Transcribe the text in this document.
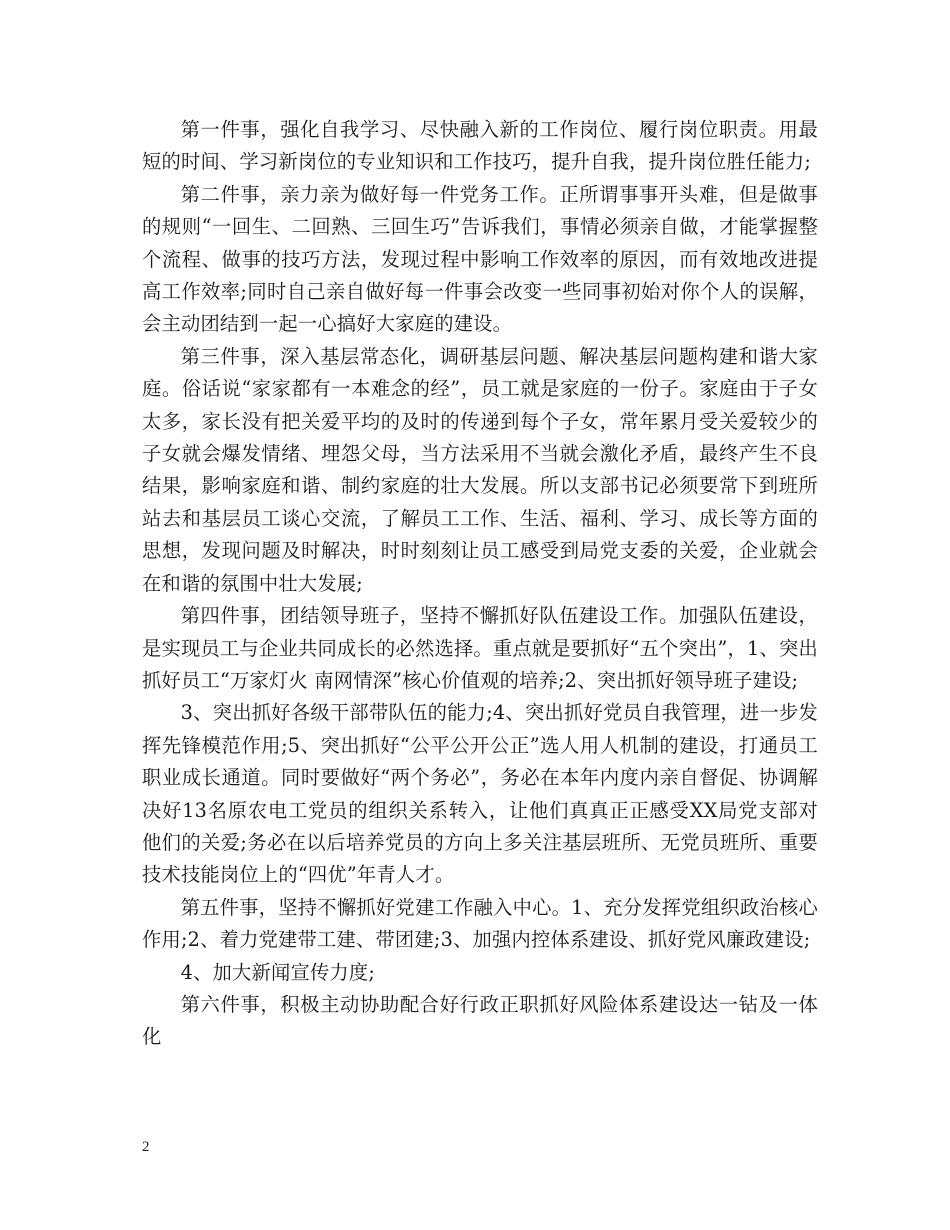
第一件事，强化自我学习、尽快融入新的工作岗位、履行岗位职责。用最短的时间、学习新岗位的专业知识和工作技巧，提升自我，提升岗位胜任能力;

第二件事，亲力亲为做好每一件党务工作。正所谓事事开头难，但是做事的规则“一回生、二回熟、三回生巧”告诉我们，事情必须亲自做，才能掌握整个流程、做事的技巧方法，发现过程中影响工作效率的原因，而有效地改进提高工作效率;同时自己亲自做好每一件事会改变一些同事初始对你个人的误解，会主动团结到一起一心搞好大家庭的建设。

第三件事，深入基层常态化，调研基层问题、解决基层问题构建和谐大家庭。俗话说“家家都有一本难念的经”，员工就是家庭的一份子。家庭由于子女太多，家长没有把关爱平均的及时的传递到每个子女，常年累月受关爱较少的子女就会爆发情绪、埋怨父母，当方法采用不当就会激化矛盾，最终产生不良结果，影响家庭和谐、制约家庭的壮大发展。所以支部书记必须要常下到班所站去和基层员工谈心交流，了解员工工作、生活、福利、学习、成长等方面的思想，发现问题及时解决，时时刻刻让员工感受到局党支委的关爱，企业就会在和谐的氛围中壮大发展;

第四件事，团结领导班子，坚持不懈抓好队伍建设工作。加强队伍建设，是实现员工与企业共同成长的必然选择。重点就是要抓好“五个突出”，1、突出抓好员工“万家灯火 南网情深”核心价值观的培养;2、突出抓好领导班子建设;

3、突出抓好各级干部带队伍的能力;4、突出抓好党员自我管理，进一步发挥先锋模范作用;5、突出抓好“公平公开公正”选人用人机制的建设，打通员工职业成长通道。同时要做好“两个务必”，务必在本年内度内亲自督促、协调解决好13名原农电工党员的组织关系转入，让他们真真正正感受XX局党支部对他们的关爱;务必在以后培养党员的方向上多关注基层班所、无党员班所、重要技术技能岗位上的“四优”年青人才。

第五件事，坚持不懈抓好党建工作融入中心。1、充分发挥党组织政治核心作用;2、着力党建带工建、带团建;3、加强内控体系建设、抓好党风廉政建设;

4、加大新闻宣传力度;

第六件事，积极主动协助配合好行政正职抓好风险体系建设达一钻及一体化

2
